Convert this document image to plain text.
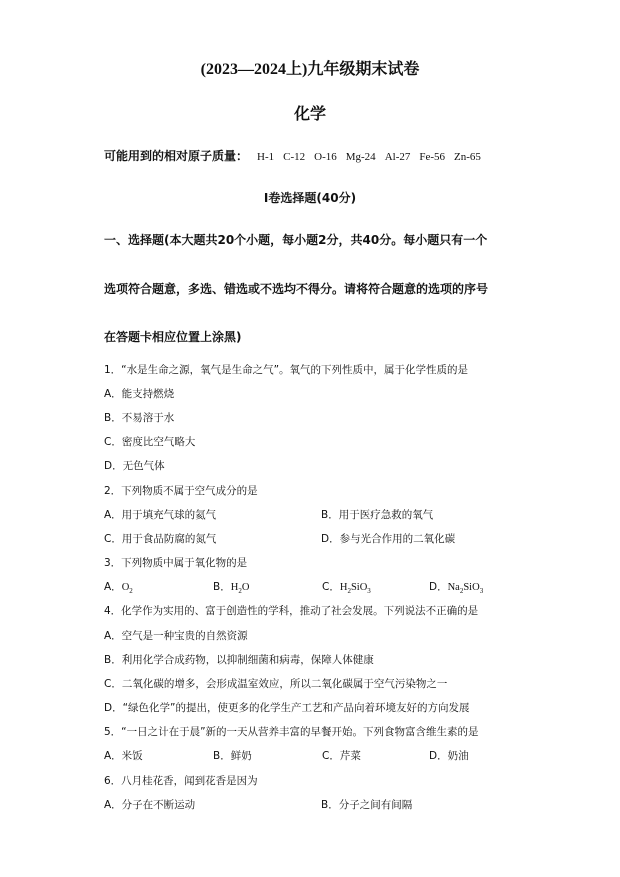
(2023—2024上)九年级期末试卷
化学
可能用到的相对原子质量： H-1 C-12 O-16 Mg-24 Al-27 Fe-56 Zn-65
I卷选择题(40分)
一、选择题(本大题共20个小题，每小题2分，共40分。每小题只有一个
选项符合题意，多选、错选或不选均不得分。请将符合题意的选项的序号
在答题卡相应位置上涂黑)
1．“水是生命之源，氧气是生命之气”。氧气的下列性质中，属于化学性质的是
A．能支持燃烧
B．不易溶于水
C．密度比空气略大
D．无色气体
2．下列物质不属于空气成分的是
A．用于填充气球的氦气	B．用于医疗急救的氧气
C．用于食品防腐的氮气	D．参与光合作用的二氧化碳
3．下列物质中属于氧化物的是
A．$O_2$	B．$H_2O$	C．$H_2SiO_3$	D．$Na_2SiO_3$
4．化学作为实用的、富于创造性的学科，推动了社会发展。下列说法不正确的是
A．空气是一种宝贵的自然资源
B．利用化学合成药物，以抑制细菌和病毒，保障人体健康
C．二氧化碳的增多，会形成温室效应，所以二氧化碳属于空气污染物之一
D．“绿色化学”的提出，使更多的化学生产工艺和产品向着环境友好的方向发展
5．“一日之计在于晨”新的一天从营养丰富的早餐开始。下列食物富含维生素的是
A．米饭	B．鲜奶	C．芹菜	D．奶油
6．八月桂花香，闻到花香是因为
A．分子在不断运动	B．分子之间有间隔
